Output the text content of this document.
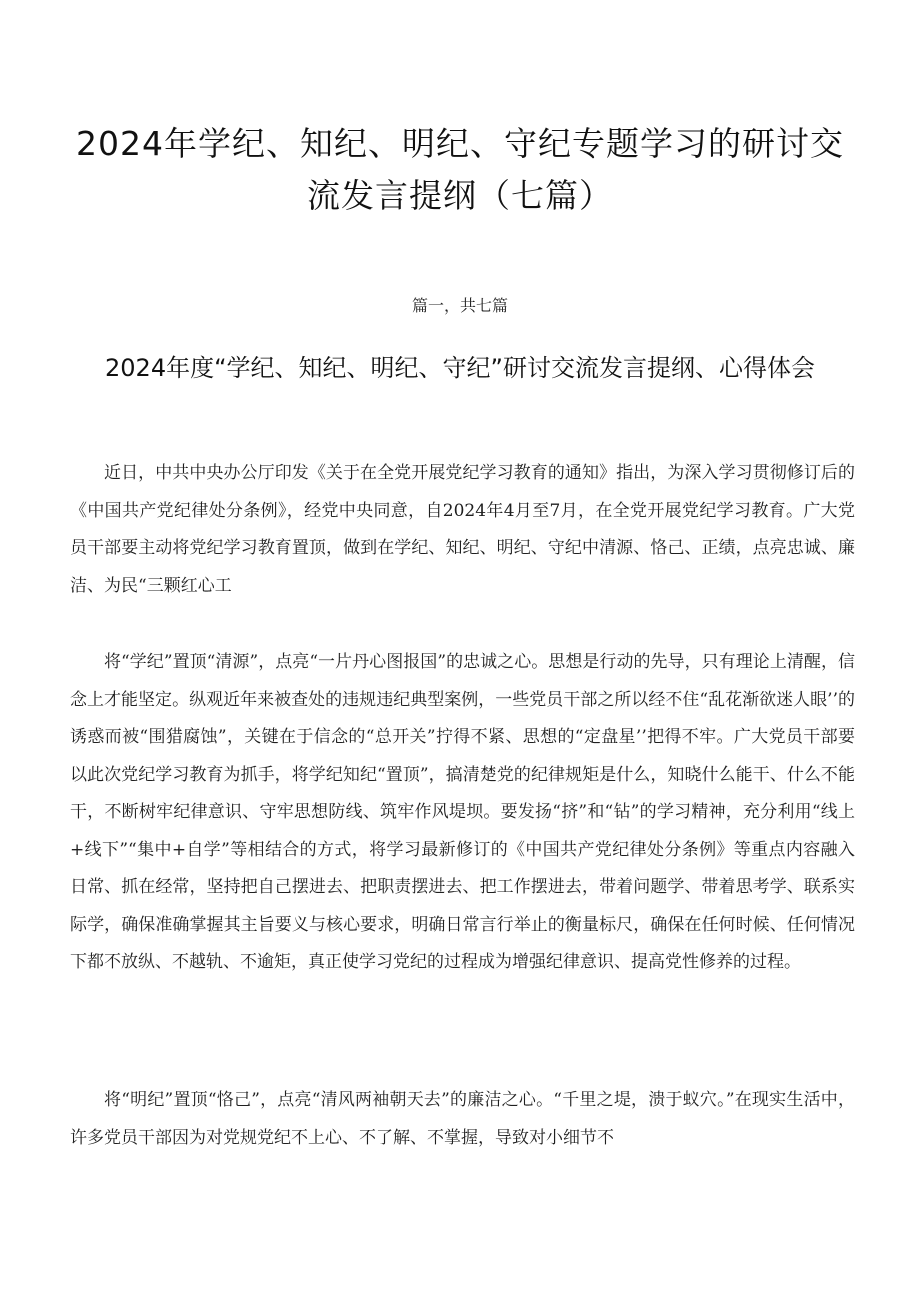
2024年学纪、知纪、明纪、守纪专题学习的研讨交流发言提纲（七篇）

篇一，共七篇

2024年度“学纪、知纪、明纪、守纪”研讨交流发言提纲、心得体会

近日，中共中央办公厅印发《关于在全党开展党纪学习教育的通知》指出，为深入学习贯彻修订后的《中国共产党纪律处分条例》，经党中央同意，自2024年4月至7月，在全党开展党纪学习教育。广大党员干部要主动将党纪学习教育置顶，做到在学纪、知纪、明纪、守纪中清源、恪己、正绩，点亮忠诚、廉洁、为民“三颗红心工

将“学纪”置顶“清源”，点亮“一片丹心图报国”的忠诚之心。思想是行动的先导，只有理论上清醒，信念上才能坚定。纵观近年来被查处的违规违纪典型案例，一些党员干部之所以经不住“乱花渐欲迷人眼’’的诱惑而被“围猎腐蚀”，关键在于信念的“总开关”拧得不紧、思想的“定盘星’’把得不牢。广大党员干部要以此次党纪学习教育为抓手，将学纪知纪“置顶”，搞清楚党的纪律规矩是什么，知晓什么能干、什么不能干，不断树牢纪律意识、守牢思想防线、筑牢作风堤坝。要发扬“挤”和“钻”的学习精神，充分利用“线上+线下”“集中+自学”等相结合的方式，将学习最新修订的《中国共产党纪律处分条例》等重点内容融入日常、抓在经常，坚持把自己摆进去、把职责摆进去、把工作摆进去，带着问题学、带着思考学、联系实际学，确保准确掌握其主旨要义与核心要求，明确日常言行举止的衡量标尺，确保在任何时候、任何情况下都不放纵、不越轨、不逾矩，真正使学习党纪的过程成为增强纪律意识、提高党性修养的过程。

将“明纪”置顶“恪己”，点亮“清风两袖朝天去”的廉洁之心。“千里之堤，溃于蚁穴。”在现实生活中，许多党员干部因为对党规党纪不上心、不了解、不掌握，导致对小细节不
